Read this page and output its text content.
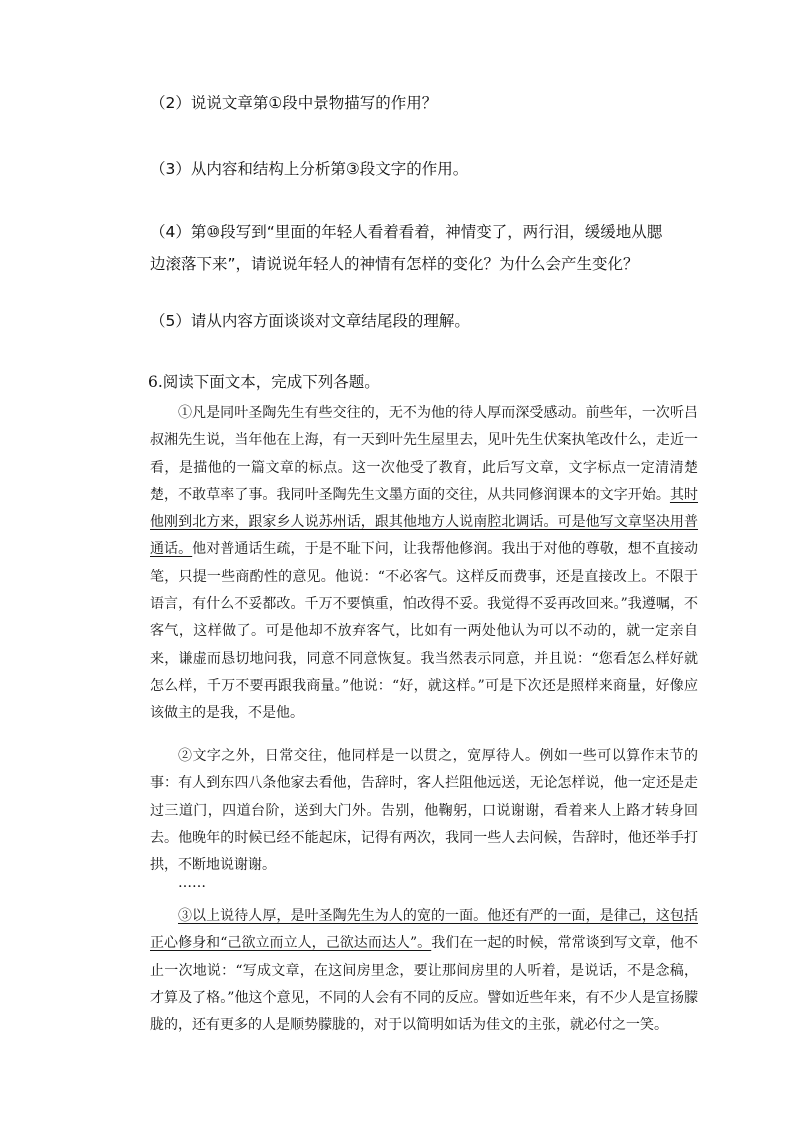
（2）说说文章第①段中景物描写的作用？

（3）从内容和结构上分析第③段文字的作用。

（4）第⑩段写到“里面的年轻人看着看着，神情变了，两行泪，缓缓地从腮边滚落下来”，请说说年轻人的神情有怎样的变化？为什么会产生变化？

（5）请从内容方面谈谈对文章结尾段的理解。

6.阅读下面文本，完成下列各题。

①凡是同叶圣陶先生有些交往的，无不为他的待人厚而深受感动。前些年，一次听吕叔湘先生说，当年他在上海，有一天到叶先生屋里去，见叶先生伏案执笔改什么，走近一看，是描他的一篇文章的标点。这一次他受了教育，此后写文章，文字标点一定清清楚楚，不敢草率了事。我同叶圣陶先生文墨方面的交往，从共同修润课本的文字开始。其时他刚到北方来，跟家乡人说苏州话，跟其他地方人说南腔北调话。可是他写文章坚决用普通话。他对普通话生疏，于是不耻下问，让我帮他修润。我出于对他的尊敬，想不直接动笔，只提一些商酌性的意见。他说：“不必客气。这样反而费事，还是直接改上。不限于语言，有什么不妥都改。千万不要慎重，怕改得不妥。我觉得不妥再改回来。”我遵嘱，不客气，这样做了。可是他却不放弃客气，比如有一两处他认为可以不动的，就一定亲自来，谦虚而恳切地问我，同意不同意恢复。我当然表示同意，并且说：“您看怎么样好就怎么样，千万不要再跟我商量。”他说：“好，就这样。”可是下次还是照样来商量，好像应该做主的是我，不是他。

②文字之外，日常交往，他同样是一以贯之，宽厚待人。例如一些可以算作末节的事：有人到东四八条他家去看他，告辞时，客人拦阻他远送，无论怎样说，他一定还是走过三道门，四道台阶，送到大门外。告别，他鞠躬，口说谢谢，看着来人上路才转身回去。他晚年的时候已经不能起床，记得有两次，我同一些人去问候，告辞时，他还举手打拱，不断地说谢谢。

……

③以上说待人厚，是叶圣陶先生为人的宽的一面。他还有严的一面，是律己，这包括正心修身和“己欲立而立人，己欲达而达人”。我们在一起的时候，常常谈到写文章，他不止一次地说：“写成文章，在这间房里念，要让那间房里的人听着，是说话，不是念稿，才算及了格。”他这个意见，不同的人会有不同的反应。譬如近些年来，有不少人是宣扬朦胧的，还有更多的人是顺势朦胧的，对于以简明如话为佳文的主张，就必付之一笑。
